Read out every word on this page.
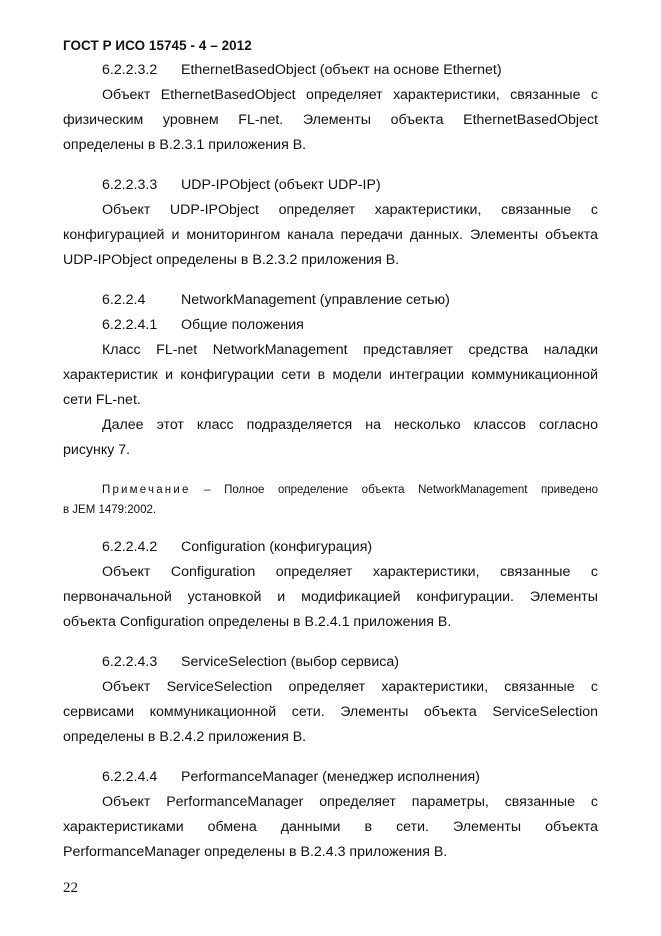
ГОСТ Р ИСО 15745 - 4 – 2012
6.2.2.3.2 EthernetBasedObject (объект на основе Ethernet)
Объект EthernetBasedObject определяет характеристики, связанные с
физическим уровнем FL-net. Элементы объекта EthernetBasedObject
определены в В.2.3.1 приложения В.
6.2.2.3.3 UDP-IPObject (объект UDP-IP)
Объект UDP-IPObject определяет характеристики, связанные с
конфигурацией и мониторингом канала передачи данных. Элементы объекта
UDP-IPObject определены в В.2.3.2 приложения В.
6.2.2.4	NetworkManagement (управление сетью)
6.2.2.4.1 Общие положения
Класс FL-net NetworkManagement представляет средства наладки
характеристик и конфигурации сети в модели интеграции коммуникационной
сети FL-net.
Далее этот класс подразделяется на несколько классов согласно
рисунку 7.
Примечание – Полное определение объекта NetworkManagement приведено
в JEM 1479:2002.
6.2.2.4.2 Configuration (конфигурация)
Объект Configuration определяет характеристики, связанные с
первоначальной установкой и модификацией конфигурации. Элементы
объекта Configuration определены в В.2.4.1 приложения В.
6.2.2.4.3 ServiceSelection (выбор сервиса)
Объект ServiceSelection определяет характеристики, связанные с
сервисами коммуникационной сети. Элементы объекта ServiceSelection
определены в В.2.4.2 приложения В.
6.2.2.4.4 PerformanceManager (менеджер исполнения)
Объект PerformanceManager определяет параметры, связанные с
характеристиками обмена данными в сети. Элементы объекта
PerformanceManager определены в В.2.4.3 приложения В.
22
